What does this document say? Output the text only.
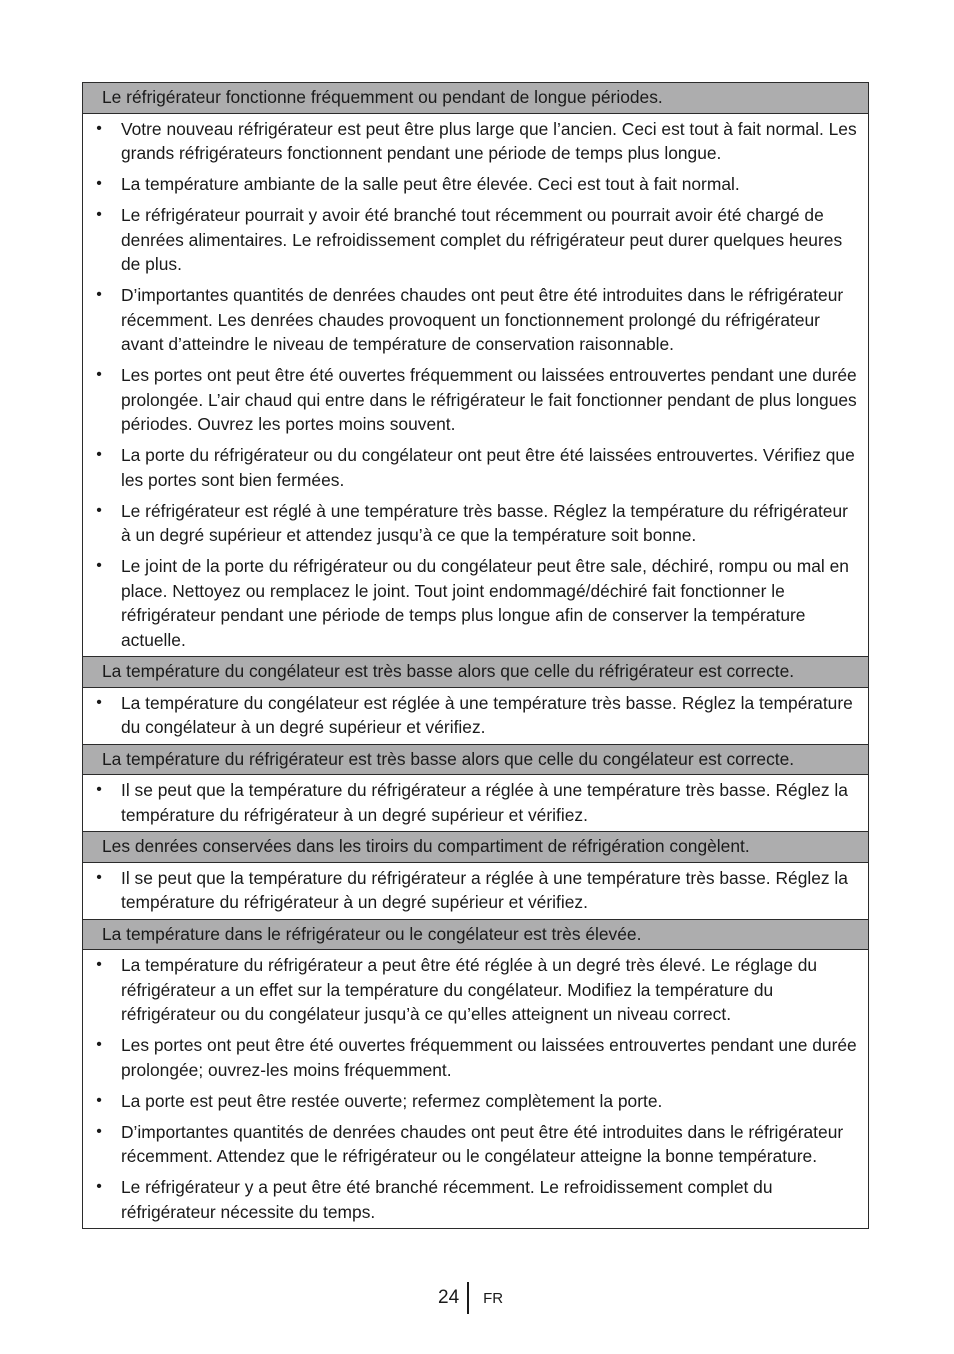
Le réfrigérateur fonctionne fréquemment ou pendant de longue périodes.
•	Votre nouveau réfrigérateur est peut être plus large que l’ancien. Ceci est tout à fait normal. Les grands réfrigérateurs fonctionnent pendant une période de temps plus longue.
•	La température ambiante de la salle peut être élevée. Ceci est tout à fait normal.
•	Le réfrigérateur pourrait y avoir été branché tout récemment ou pourrait avoir été chargé de denrées alimentaires. Le refroidissement complet du réfrigérateur peut durer quelques heures de plus.
•	D’importantes quantités de denrées chaudes ont peut être été introduites dans le réfrigérateur récemment. Les denrées chaudes provoquent un fonctionnement prolongé du réfrigérateur avant d’atteindre le niveau de température de conservation raisonnable.
•	Les portes ont peut être été ouvertes fréquemment ou laissées entrouvertes pendant une durée prolongée. L’air chaud qui entre dans le réfrigérateur le fait fonctionner pendant de plus longues périodes. Ouvrez les portes moins souvent.
•	La porte du réfrigérateur ou du congélateur ont peut être été laissées entrouvertes. Vérifiez que les portes sont bien fermées.
•	Le réfrigérateur est réglé à une température très basse. Réglez la température du réfrigérateur à un degré supérieur et attendez jusqu’à ce que la température soit bonne.
•	Le joint de la porte du réfrigérateur ou du congélateur peut être sale, déchiré, rompu ou mal en place. Nettoyez ou remplacez le joint. Tout joint endommagé/déchiré fait fonctionner le réfrigérateur pendant une période de temps plus longue afin de conserver la température actuelle.
La température du congélateur est très basse alors que celle du réfrigérateur est correcte.
•	La température du congélateur est réglée à une température très basse. Réglez la température du congélateur à un degré supérieur et vérifiez.
La température du réfrigérateur est très basse alors que celle du congélateur est correcte.
•	Il se peut que la température du réfrigérateur a réglée à une température très basse. Réglez la température du réfrigérateur à un degré supérieur et vérifiez.
Les denrées conservées dans les tiroirs du compartiment de réfrigération congèlent.
•	Il se peut que la température du réfrigérateur a réglée à une température très basse. Réglez la température du réfrigérateur à un degré supérieur et vérifiez.
La température dans le réfrigérateur ou le congélateur est très élevée.
•	La température du réfrigérateur a peut être été réglée à un degré très élevé. Le réglage du réfrigérateur a un effet sur la température du congélateur. Modifiez la température du réfrigérateur ou du congélateur jusqu’à ce qu’elles atteignent un niveau correct.
•	Les portes ont peut être été ouvertes fréquemment ou laissées entrouvertes pendant une durée prolongée; ouvrez-les moins fréquemment.
•	La porte est peut être restée ouverte; refermez complètement la porte.
•	D’importantes quantités de denrées chaudes ont peut être été introduites dans le réfrigérateur récemment. Attendez que le réfrigérateur ou le congélateur atteigne la bonne température.
•	Le réfrigérateur y a peut être été branché récemment. Le refroidissement complet du réfrigérateur nécessite du temps.
24 FR
